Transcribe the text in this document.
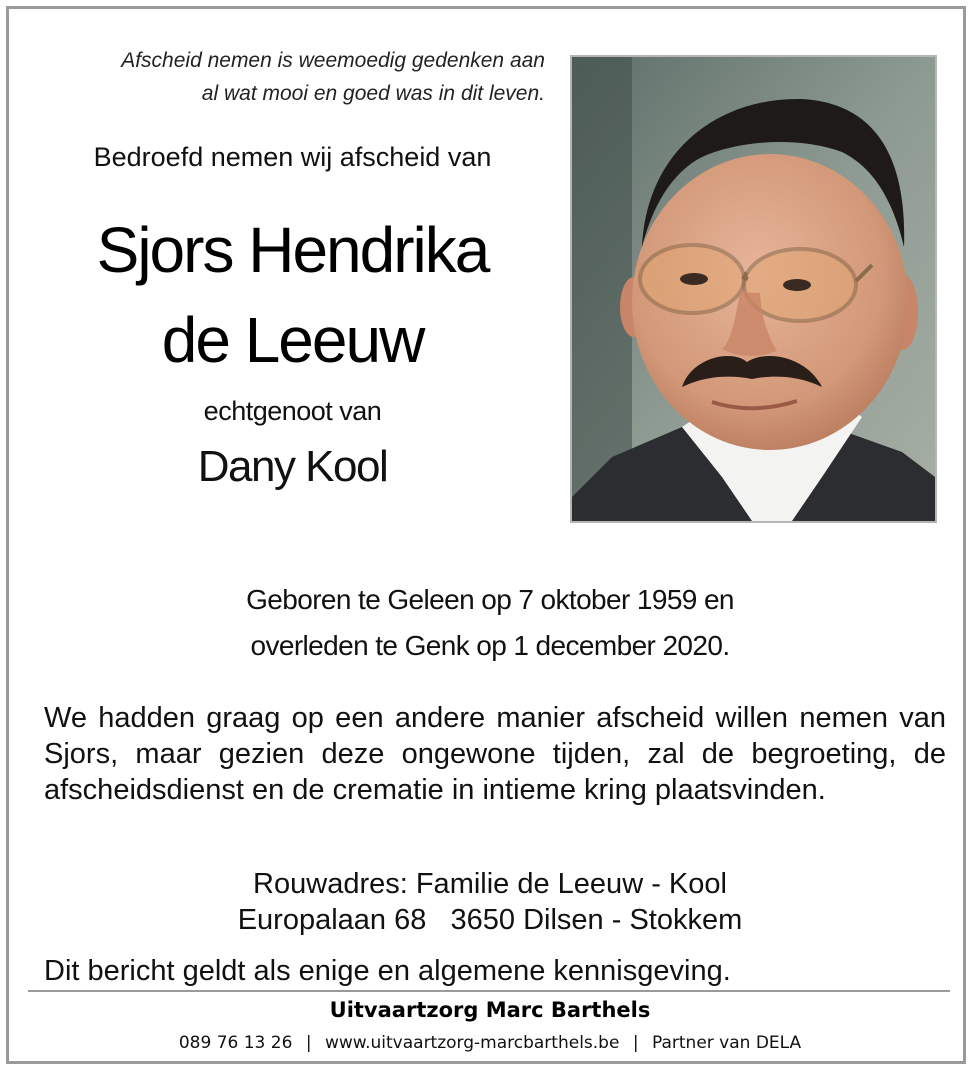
Afscheid nemen is weemoedig gedenken aan
al wat mooi en goed was in dit leven.
Bedroefd nemen wij afscheid van
Sjors Hendrika
de Leeuw
echtgenoot van
Dany Kool
Geboren te Geleen op 7 oktober 1959 en
overleden te Genk op 1 december 2020.
We hadden graag op een andere manier afscheid willen nemen van Sjors, maar gezien deze ongewone tijden, zal de begroeting, de afscheidsdienst en de crematie in intieme kring plaatsvinden.
Rouwadres: Familie de Leeuw - Kool
Europalaan 68   3650 Dilsen - Stokkem
Dit bericht geldt als enige en algemene kennisgeving.
Uitvaartzorg Marc Barthels
089 76 13 26 | www.uitvaartzorg-marcbarthels.be | Partner van DELA
